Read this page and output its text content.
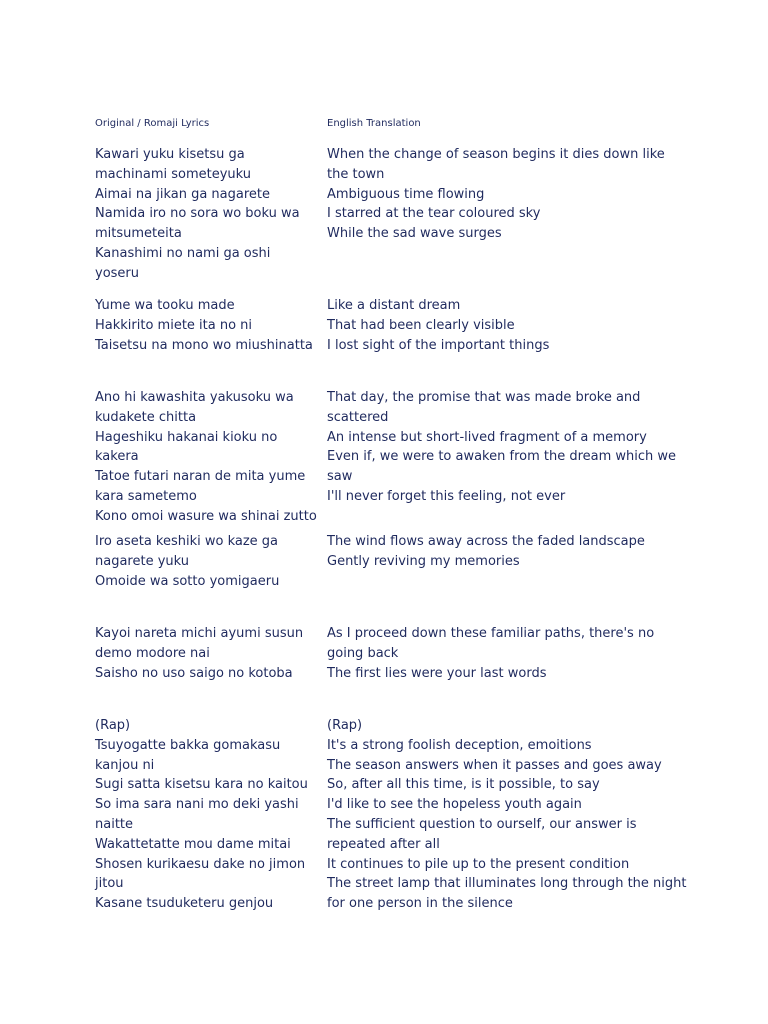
Original / Romaji Lyrics	English Translation
Kawari yuku kisetsu ga machinami someteyuku
Aimai na jikan ga nagarete
Namida iro no sora wo boku wa mitsumeteita
Kanashimi no nami ga oshi yoseru
When the change of season begins it dies down like the town
Ambiguous time flowing
I starred at the tear coloured sky
While the sad wave surges
Yume wa tooku made
Hakkirito miete ita no ni
Taisetsu na mono wo miushinatta
Like a distant dream
That had been clearly visible
I lost sight of the important things
Ano hi kawashita yakusoku wa kudakete chitta
Hageshiku hakanai kioku no kakera
Tatoe futari naran de mita yume kara sametemo
Kono omoi wasure wa shinai zutto
That day, the promise that was made broke and scattered
An intense but short-lived fragment of a memory
Even if, we were to awaken from the dream which we saw
I'll never forget this feeling, not ever
Iro aseta keshiki wo kaze ga nagarete yuku
Omoide wa sotto yomigaeru
The wind flows away across the faded landscape
Gently reviving my memories
Kayoi nareta michi ayumi susun demo modore nai
Saisho no uso saigo no kotoba
As I proceed down these familiar paths, there's no going back
The first lies were your last words
(Rap)
Tsuyogatte bakka gomakasu kanjou ni
Sugi satta kisetsu kara no kaitou
So ima sara nani mo deki yashi naitte
Wakattetatte mou dame mitai
Shosen kurikaesu dake no jimon jitou
Kasane tsuduketeru genjou
(Rap)
It's a strong foolish deception, emoitions
The season answers when it passes and goes away
So, after all this time, is it possible, to say
I'd like to see the hopeless youth again
The sufficient question to ourself, our answer is repeated after all
It continues to pile up to the present condition
The street lamp that illuminates long through the night for one person in the silence
